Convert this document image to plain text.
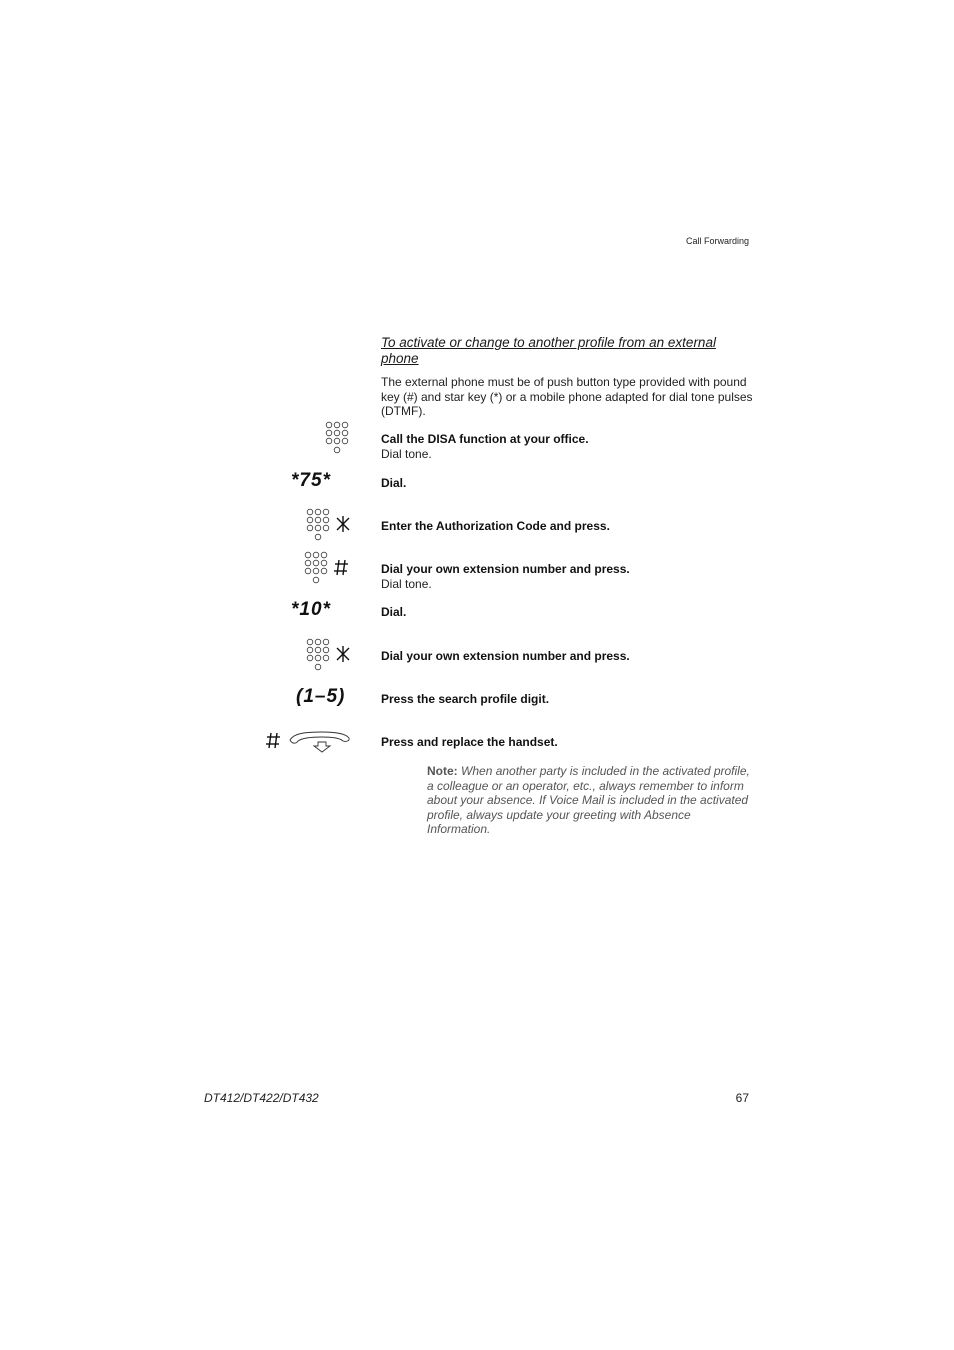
Call Forwarding
To activate or change to another profile from an external phone
The external phone must be of push button type provided with pound key (#) and star key (*) or a mobile phone adapted for dial tone pulses (DTMF).
Call the DISA function at your office.
Dial tone.
*75*	Dial.
Enter the Authorization Code and press.
Dial your own extension number and press.
Dial tone.
*10*	Dial.
Dial your own extension number and press.
(1–5)	Press the search profile digit.
Press and replace the handset.
Note: When another party is included in the activated profile, a colleague or an operator, etc., always remember to inform about your absence. If Voice Mail is included in the activated profile, always update your greeting with Absence Information.
DT412/DT422/DT432	67
